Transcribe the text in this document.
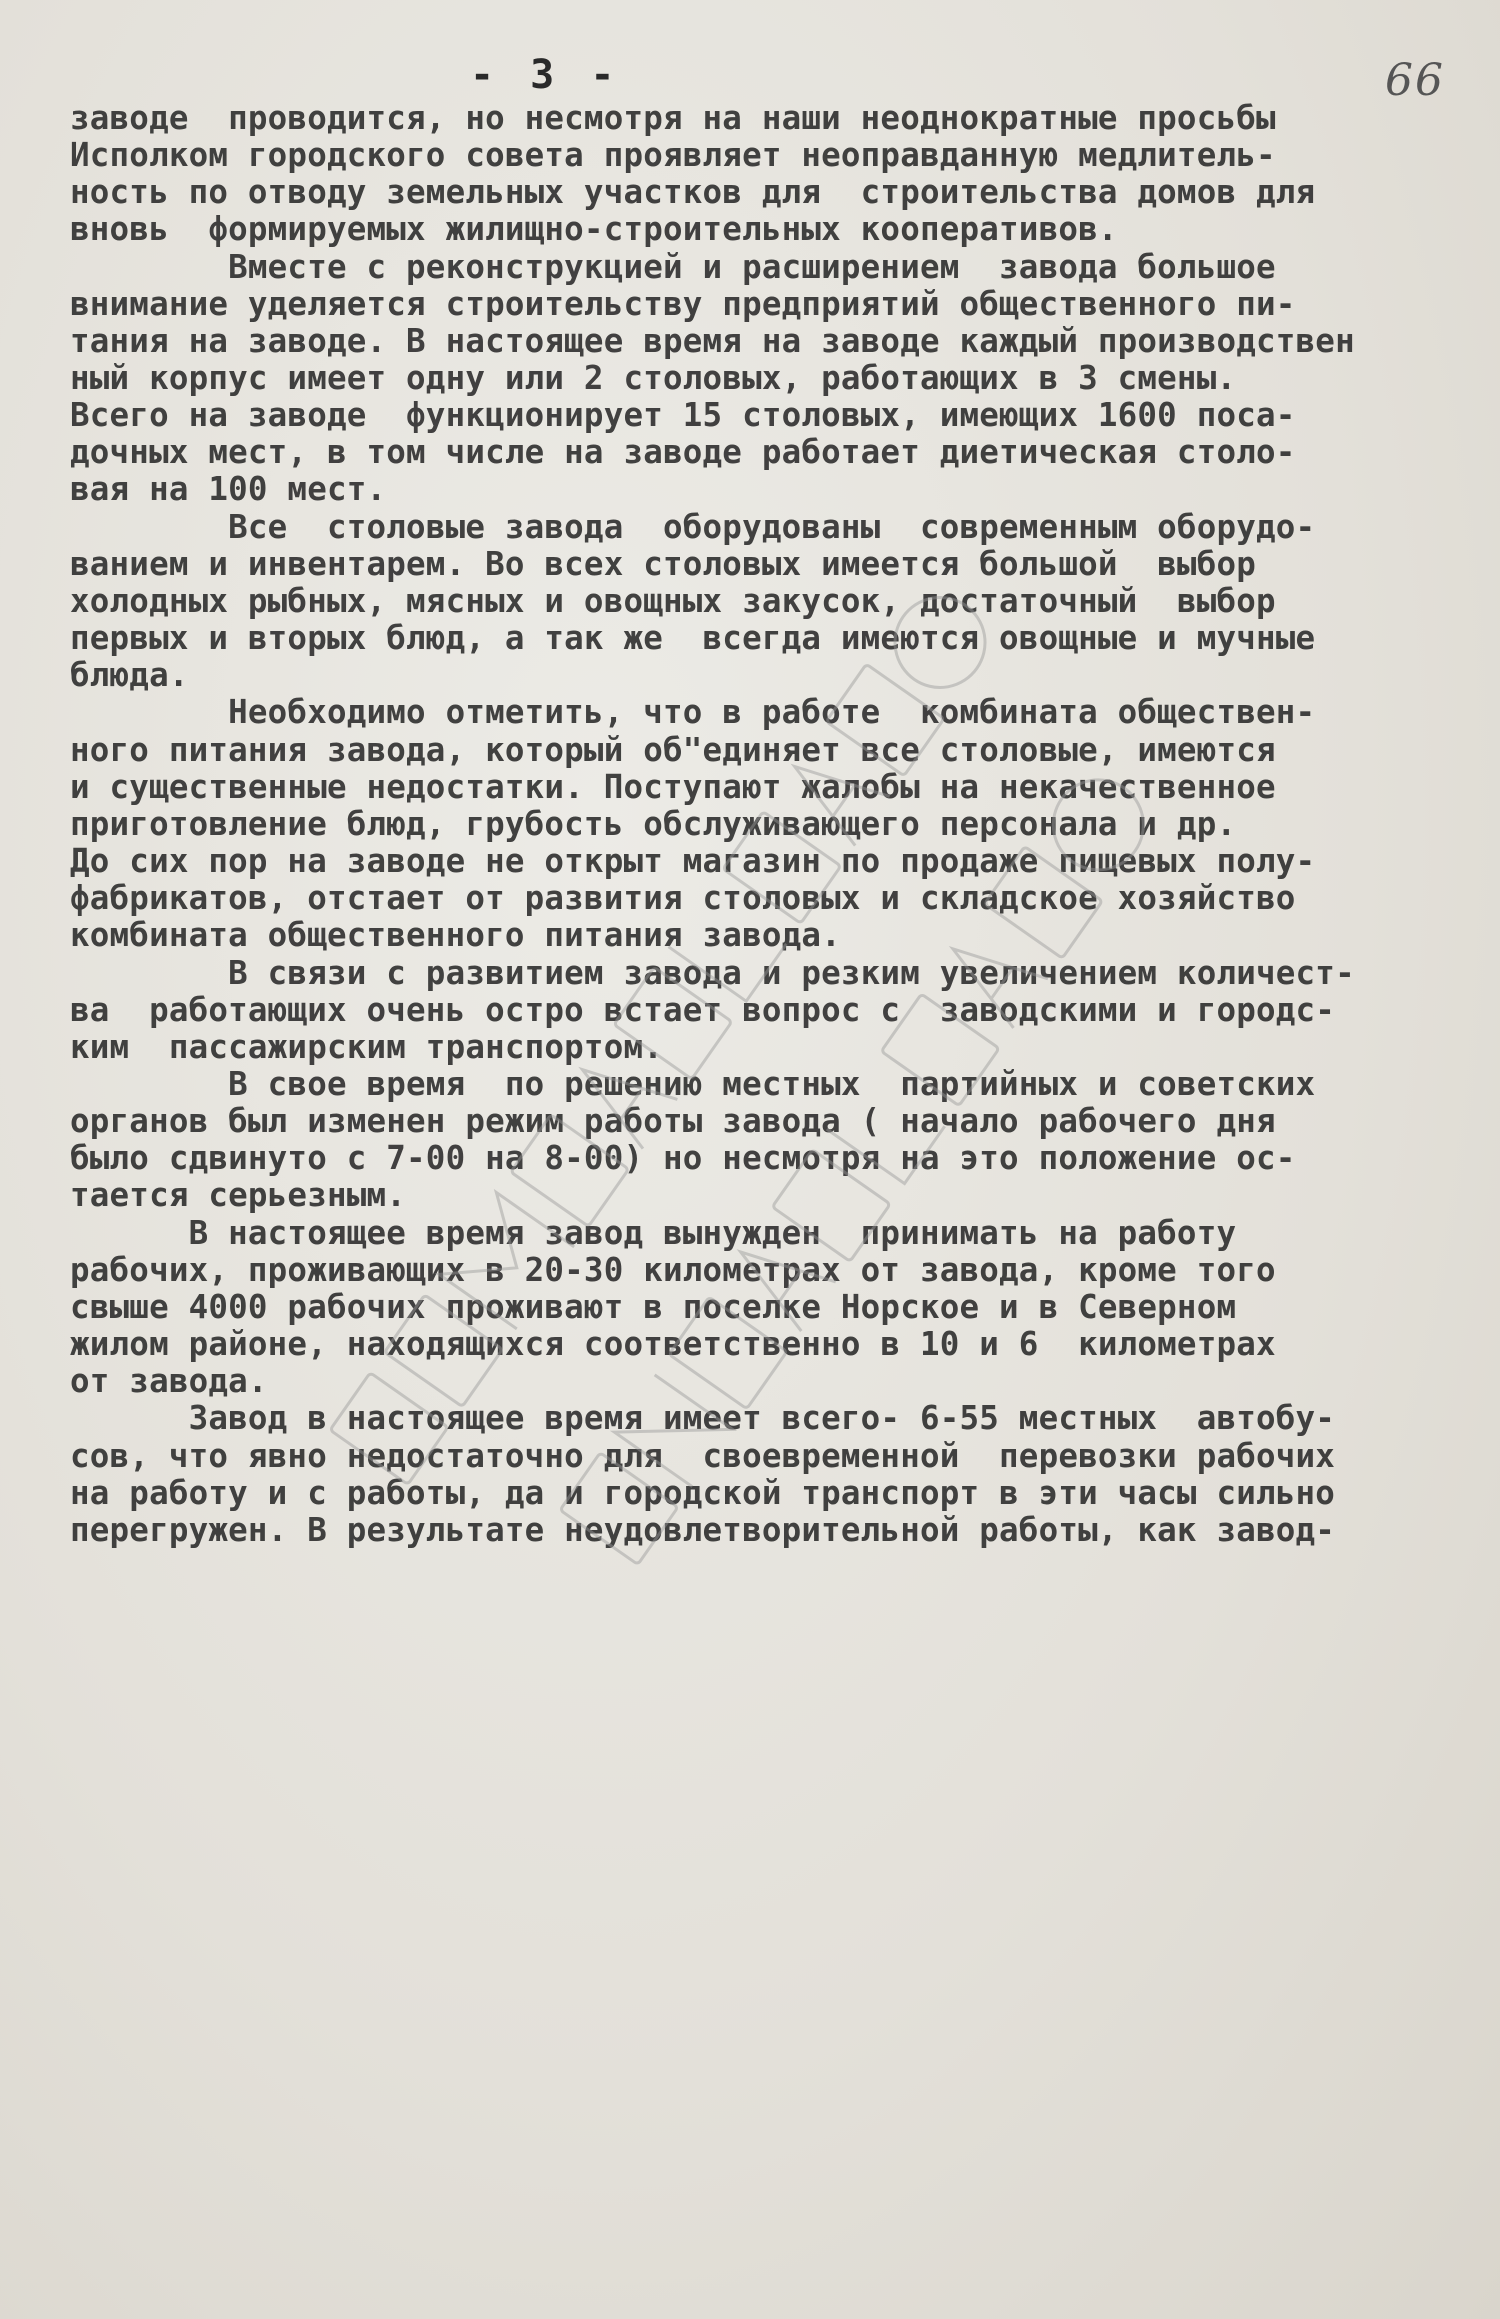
- 3 -	66

заводе  проводится, но несмотря на наши неоднократные просьбы

Исполком городского совета проявляет неоправданную медлитель-

ность по отводу земельных участков для  строительства домов для

вновь  формируемых жилищно-строительных кооперативов.

Вместе с реконструкцией и расширением  завода большое

внимание уделяется строительству предприятий общественного пи-

тания на заводе. В настоящее время на заводе каждый производствен

ный корпус имеет одну или 2 столовых, работающих в 3 смены.

Всего на заводе  функционирует 15 столовых, имеющих 1600 поса-

дочных мест, в том числе на заводе работает диетическая столо-

вая на 100 мест.

Все  столовые завода  оборудованы  современным оборудо-

ванием и инвентарем. Во всех столовых имеется большой  выбор

холодных рыбных, мясных и овощных закусок, достаточный  выбор

первых и вторых блюд, а так же  всегда имеются овощные и мучные

блюда.

Необходимо отметить, что в работе  комбината обществен-

ного питания завода, который об"единяет все столовые, имеются

и существенные недостатки. Поступают жалобы на некачественное

приготовление блюд, грубость обслуживающего персонала и др.

До сих пор на заводе не открыт магазин по продаже пищевых полу-

фабрикатов, отстает от развития столовых и складское хозяйство

комбината общественного питания завода.

В связи с развитием завода и резким увеличением количест-

ва  работающих очень остро встает вопрос с  заводскими и городс-

ким  пассажирским транспортом.

В свое время  по решению местных  партийных и советских

органов был изменен режим работы завода ( начало рабочего дня

было сдвинуто с 7-00 на 8-00) но несмотря на это положение ос-

тается серьезным.

В настоящее время завод вынужден  принимать на работу

рабочих, проживающих в 20-30 километрах от завода, кроме того

свыше 4000 рабочих проживают в поселке Норское и в Северном

жилом районе, находящихся соответственно в 10 и 6  километрах

от завода.

Завод в настоящее время имеет всего- 6-55 местных  автобу-

сов, что явно недостаточно для  своевременной  перевозки рабочих

на работу и с работы, да и городской транспорт в эти часы сильно

перегружен. В результате неудовлетворительной работы, как завод-
